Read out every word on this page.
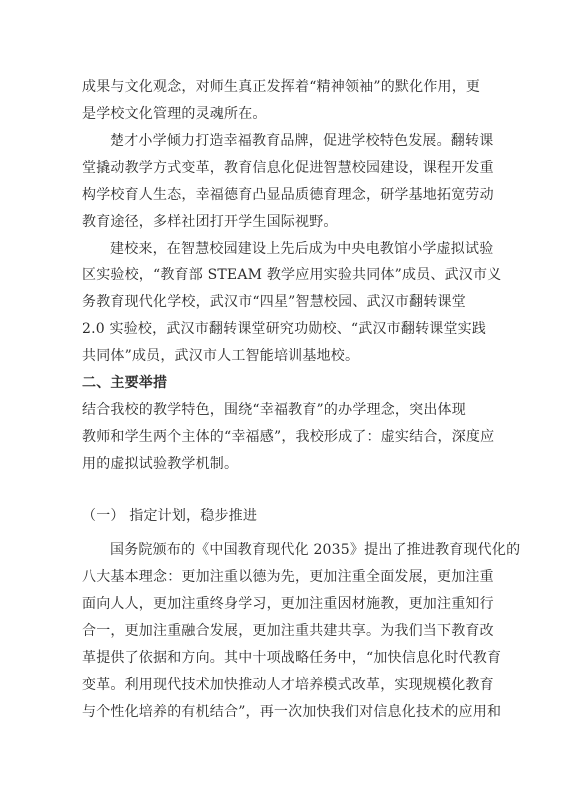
成果与文化观念，对师生真正发挥着“精神领袖”的默化作用，更
是学校文化管理的灵魂所在。
楚才小学倾力打造幸福教育品牌，促进学校特色发展。翻转课
堂撬动教学方式变革，教育信息化促进智慧校园建设，课程开发重
构学校育人生态，幸福德育凸显品质德育理念，研学基地拓宽劳动
教育途径，多样社团打开学生国际视野。
建校来，在智慧校园建设上先后成为中央电教馆小学虚拟试验
区实验校，“教育部 STEAM 教学应用实验共同体”成员、武汉市义
务教育现代化学校，武汉市“四星”智慧校园、武汉市翻转课堂
2.0 实验校，武汉市翻转课堂研究功勋校、“武汉市翻转课堂实践
共同体”成员，武汉市人工智能培训基地校。
二、主要举措
结合我校的教学特色，围绕“幸福教育”的办学理念，突出体现
教师和学生两个主体的“幸福感”，我校形成了：虚实结合，深度应
用的虚拟试验教学机制。
（一） 指定计划，稳步推进
国务院颁布的《中国教育现代化 2035》提出了推进教育现代化的
八大基本理念：更加注重以德为先，更加注重全面发展，更加注重
面向人人，更加注重终身学习，更加注重因材施教，更加注重知行
合一，更加注重融合发展，更加注重共建共享。为我们当下教育改
革提供了依据和方向。其中十项战略任务中，“加快信息化时代教育
变革。利用现代技术加快推动人才培养模式改革，实现规模化教育
与个性化培养的有机结合”，再一次加快我们对信息化技术的应用和
